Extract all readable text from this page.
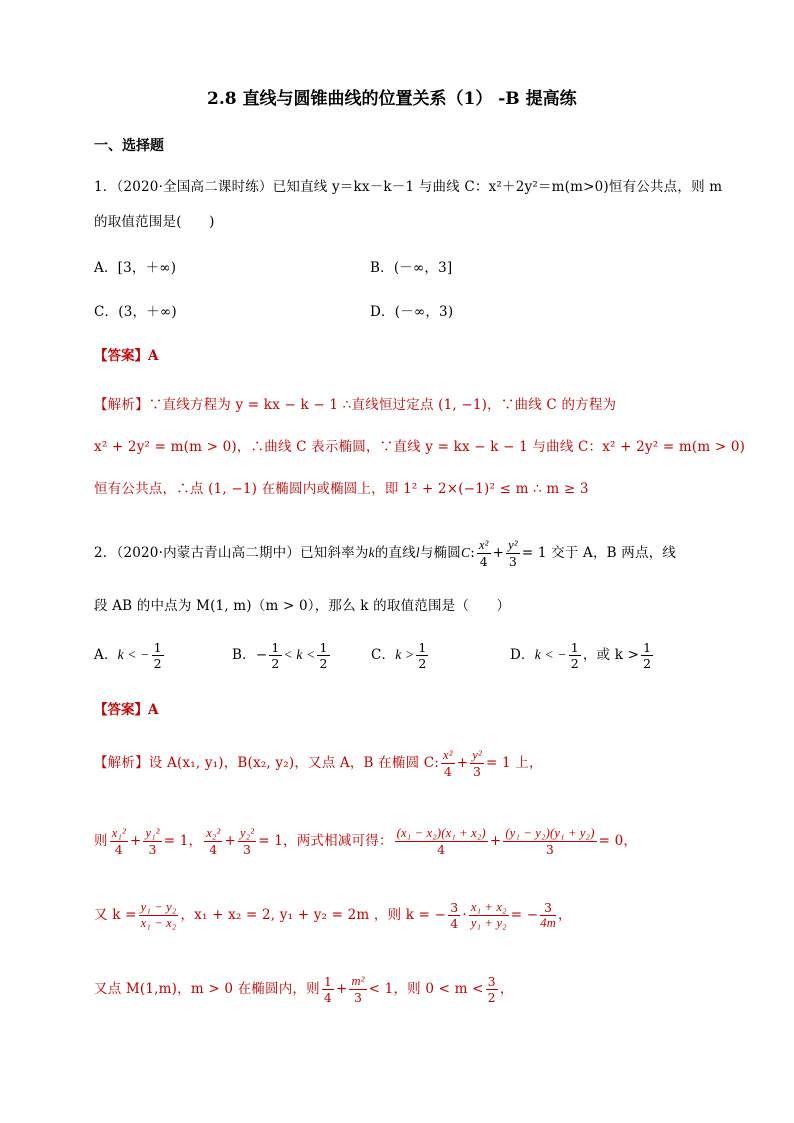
2.8 直线与圆锥曲线的位置关系（1） -B 提高练
一、选择题
1．（2020·全国高二课时练）已知直线 y＝kx－k－1 与曲线 C：x²＋2y²＝m(m>0)恒有公共点，则 m
的取值范围是(　　)
A．[3，＋∞)	B．(－∞，3]
C．(3，＋∞)	D．(－∞，3)
【答案】A
【解析】∵直线方程为 y = kx − k − 1 ∴直线恒过定点 (1, −1)，∵曲线 C 的方程为
x² + 2y² = m(m > 0)，∴曲线 C 表示椭圆，∵直线 y = kx − k − 1 与曲线 C：x² + 2y² = m(m > 0)
恒有公共点，∴点 (1, −1) 在椭圆内或椭圆上，即 1² + 2×(−1)² ≤ m ∴ m ≥ 3
2．（2020·内蒙古青山高二期中）已知斜率为k的直线l与椭圆C: $\frac{\text{x²}}{4} + \frac{\text{y²}}{3} = 1$ 交于 A，B 两点，线
段 AB 的中点为 M(1, m)（m > 0），那么 k 的取值范围是（　　）
A．k < − $\frac{1}{2}$	B．− $\frac{1}{2} < k < \frac{1}{2}$	C．$k > \frac{1}{2}$	D．k < − $\frac{1}{2}$ ，或 $k > \frac{1}{2}$
【答案】A
【解析】设 A(x₁, y₁)，B(x₂, y₂)，又点 A，B 在椭圆 C: $\frac{\text{x²}}{4} + \frac{\text{y²}}{3} = 1$ 上，
则 $\frac{\text{x₁²}}{4} + \frac{\text{y₁²}}{3} = 1$， $\frac{\text{x₂²}}{4} + \frac{\text{y₂²}}{3} = 1$，两式相减可得： $\frac{\text{(x₁ − x₂)(x₁ + x₂)}}{4} + \frac{\text{(y₁ − y₂)(y₁ + y₂)}}{3} = 0$，
又 $k = \frac{\text{y₁ − y₂}}{\text{x₁ − x₂}}$ ，x₁ + x₂ = 2, y₁ + y₂ = 2m ，则 k = − $\frac{3}{4} \cdot \frac{\text{x₁ + x₂}}{\text{y₁ + y₂}}$ = − $\frac{3}{4m}$ ，
又点 M(1,m)，m > 0 在椭圆内，则 $\frac{1}{4} + \frac{\text{m²}}{3} < 1$，则 $0 < m < \frac{3}{2}$ ，
